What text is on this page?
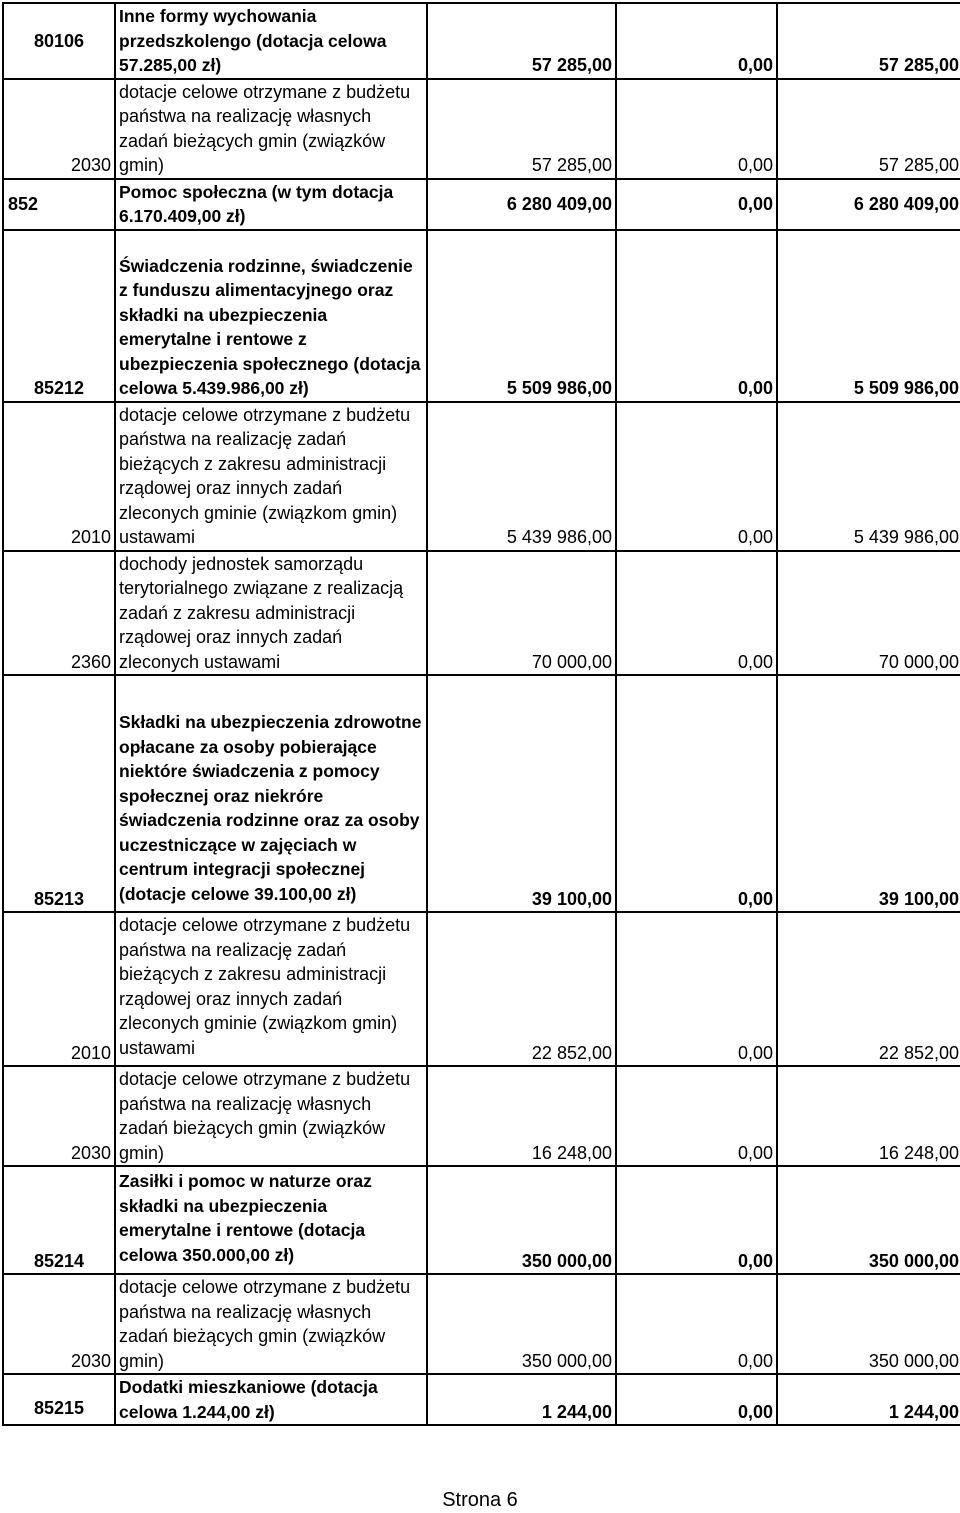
80106	Inne formy wychowania przedszkolengo (dotacja celowa 57.285,00 zł)	57 285,00	0,00	57 285,00
2030	dotacje celowe otrzymane z budżetu państwa na realizację własnych zadań bieżących gmin (związków gmin)	57 285,00	0,00	57 285,00
852	Pomoc społeczna (w tym dotacja 6.170.409,00 zł)	6 280 409,00	0,00	6 280 409,00
85212	Świadczenia rodzinne, świadczenie z funduszu alimentacyjnego oraz składki na ubezpieczenia emerytalne i rentowe z ubezpieczenia społecznego (dotacja celowa 5.439.986,00 zł)	5 509 986,00	0,00	5 509 986,00
2010	dotacje celowe otrzymane z budżetu państwa na realizację zadań bieżących z zakresu administracji rządowej oraz innych zadań zleconych gminie (związkom gmin) ustawami	5 439 986,00	0,00	5 439 986,00
2360	dochody jednostek samorządu terytorialnego związane z realizacją zadań z zakresu administracji rządowej oraz innych zadań zleconych ustawami	70 000,00	0,00	70 000,00
85213	Składki na ubezpieczenia zdrowotne opłacane za osoby pobierające niektóre świadczenia z pomocy społecznej oraz niekróre świadczenia rodzinne oraz za osoby uczestniczące w zajęciach w centrum integracji społecznej (dotacje celowe 39.100,00 zł)	39 100,00	0,00	39 100,00
2010	dotacje celowe otrzymane z budżetu państwa na realizację zadań bieżących z zakresu administracji rządowej oraz innych zadań zleconych gminie (związkom gmin) ustawami	22 852,00	0,00	22 852,00
2030	dotacje celowe otrzymane z budżetu państwa na realizację własnych zadań bieżących gmin (związków gmin)	16 248,00	0,00	16 248,00
85214	Zasiłki i pomoc w naturze oraz składki na ubezpieczenia emerytalne i rentowe (dotacja celowa 350.000,00 zł)	350 000,00	0,00	350 000,00
2030	dotacje celowe otrzymane z budżetu państwa na realizację własnych zadań bieżących gmin (związków gmin)	350 000,00	0,00	350 000,00
85215	Dodatki mieszkaniowe (dotacja celowa 1.244,00 zł)	1 244,00	0,00	1 244,00
Strona 6
